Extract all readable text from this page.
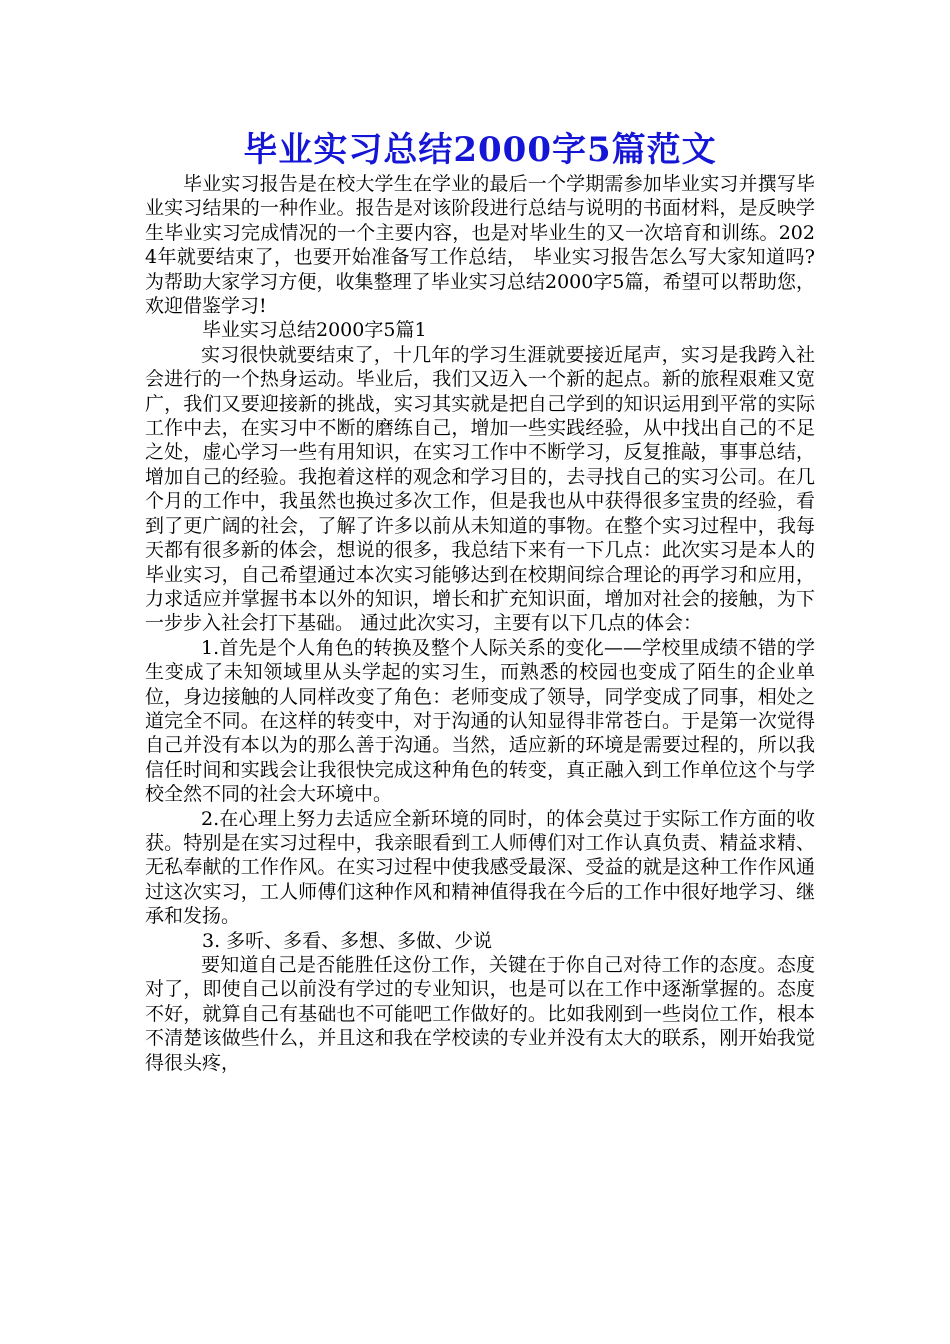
毕业实习总结2000字5篇范文

毕业实习报告是在校大学生在学业的最后一个学期需参加毕业实习并撰写毕业实习结果的一种作业。报告是对该阶段进行总结与说明的书面材料，是反映学生毕业实习完成情况的一个主要内容，也是对毕业生的又一次培育和训练。2024年就要结束了，也要开始准备写工作总结， 毕业实习报告怎么写大家知道吗?为帮助大家学习方便，收集整理了毕业实习总结2000字5篇，希望可以帮助您，欢迎借鉴学习!

毕业实习总结2000字5篇1

实习很快就要结束了，十几年的学习生涯就要接近尾声，实习是我跨入社会进行的一个热身运动。毕业后，我们又迈入一个新的起点。新的旅程艰难又宽广，我们又要迎接新的挑战，实习其实就是把自己学到的知识运用到平常的实际工作中去，在实习中不断的磨练自己，增加一些实践经验，从中找出自己的不足之处，虚心学习一些有用知识，在实习工作中不断学习，反复推敲，事事总结，增加自己的经验。我抱着这样的观念和学习目的，去寻找自己的实习公司。在几个月的工作中，我虽然也换过多次工作，但是我也从中获得很多宝贵的经验，看到了更广阔的社会，了解了许多以前从未知道的事物。在整个实习过程中，我每天都有很多新的体会，想说的很多，我总结下来有一下几点：此次实习是本人的毕业实习，自己希望通过本次实习能够达到在校期间综合理论的再学习和应用，力求适应并掌握书本以外的知识，增长和扩充知识面，增加对社会的接触，为下一步步入社会打下基础。 通过此次实习，主要有以下几点的体会：

1.首先是个人角色的转换及整个人际关系的变化——学校里成绩不错的学生变成了未知领域里从头学起的实习生，而熟悉的校园也变成了陌生的企业单位，身边接触的人同样改变了角色：老师变成了领导，同学变成了同事，相处之道完全不同。在这样的转变中，对于沟通的认知显得非常苍白。于是第一次觉得自己并没有本以为的那么善于沟通。当然，适应新的环境是需要过程的，所以我信任时间和实践会让我很快完成这种角色的转变，真正融入到工作单位这个与学校全然不同的社会大环境中。

2.在心理上努力去适应全新环境的同时，的体会莫过于实际工作方面的收获。特别是在实习过程中，我亲眼看到工人师傅们对工作认真负责、精益求精、无私奉献的工作作风。在实习过程中使我感受最深、受益的就是这种工作作风通过这次实习，工人师傅们这种作风和精神值得我在今后的工作中很好地学习、继承和发扬。

3. 多听、多看、多想、多做、少说

要知道自己是否能胜任这份工作，关键在于你自己对待工作的态度。态度对了，即使自己以前没有学过的专业知识，也是可以在工作中逐渐掌握的。态度不好，就算自己有基础也不可能吧工作做好的。比如我刚到一些岗位工作，根本不清楚该做些什么，并且这和我在学校读的专业并没有太大的联系，刚开始我觉得很头疼，
